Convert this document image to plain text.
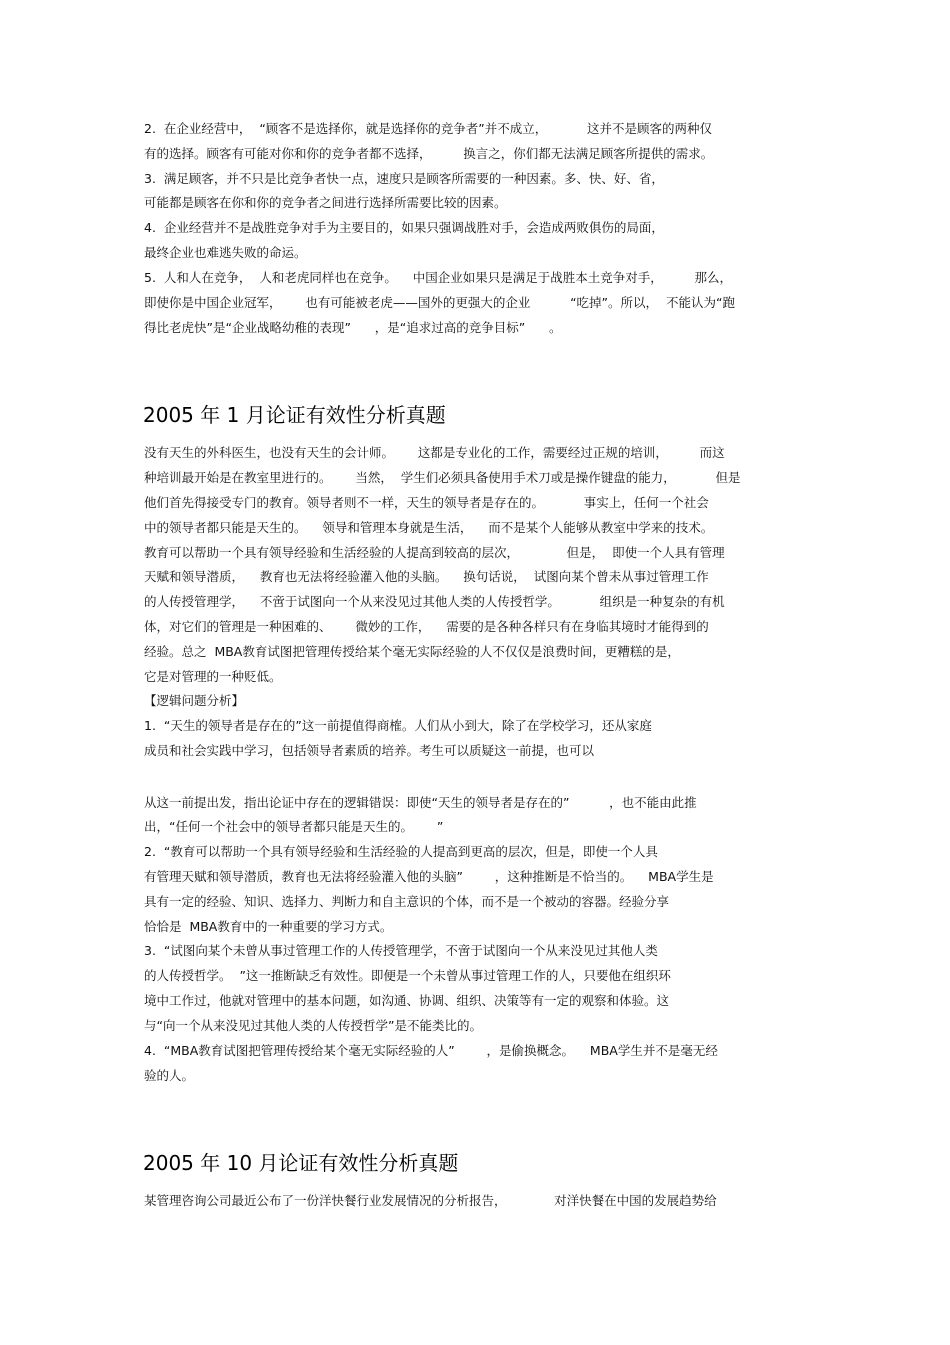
2.  在企业经营中，  “顾客不是选择你，就是选择你的竞争者”并不成立，          这并不是顾客的两种仅
有的选择。顾客有可能对你和你的竞争者都不选择，        换言之，你们都无法满足顾客所提供的需求。
3.  满足顾客，并不只是比竞争者快一点，速度只是顾客所需要的一种因素。多、快、好、省，
可能都是顾客在你和你的竞争者之间进行选择所需要比较的因素。
4.  企业经营并不是战胜竞争对手为主要目的，如果只强调战胜对手，会造成两败俱伤的局面，
最终企业也难逃失败的命运。
5.  人和人在竞争，  人和老虎同样也在竞争。    中国企业如果只是满足于战胜本土竞争对手，        那么，
即使你是中国企业冠军，      也有可能被老虎——国外的更强大的企业          “吃掉”。所以，  不能认为“跑
得比老虎快”是“企业战略幼稚的表现”      ，是“追求过高的竞争目标”      。
2005 年 1 月论证有效性分析真题
没有天生的外科医生，也没有天生的会计师。      这都是专业化的工作，需要经过正规的培训，        而这
种培训最开始是在教室里进行的。      当然，  学生们必须具备使用手术刀或是操作键盘的能力，          但是
他们首先得接受专门的教育。领导者则不一样，天生的领导者是存在的。          事实上，任何一个社会
中的领导者都只能是天生的。    领导和管理本身就是生活，    而不是某个人能够从教室中学来的技术。
教育可以帮助一个具有领导经验和生活经验的人提高到较高的层次，            但是，  即使一个人具有管理
天赋和领导潜质，    教育也无法将经验灌入他的头脑。    换句话说，  试图向某个曾未从事过管理工作
的人传授管理学，    不啻于试图向一个从来没见过其他人类的人传授哲学。          组织是一种复杂的有机
体，对它们的管理是一种困难的、      微妙的工作，    需要的是各种各样只有在身临其境时才能得到的
经验。总之  MBA教育试图把管理传授给某个毫无实际经验的人不仅仅是浪费时间，更糟糕的是，
它是对管理的一种贬低。
【逻辑问题分析】
1.  “天生的领导者是存在的”这一前提值得商榷。人们从小到大，除了在学校学习，还从家庭
成员和社会实践中学习，包括领导者素质的培养。考生可以质疑这一前提，也可以
从这一前提出发，指出论证中存在的逻辑错误：即使“天生的领导者是存在的”          ，也不能由此推
出，“任何一个社会中的领导者都只能是天生的。      ”
2.  “教育可以帮助一个具有领导经验和生活经验的人提高到更高的层次，但是，即使一个人具
有管理天赋和领导潜质，教育也无法将经验灌入他的头脑”        ，这种推断是不恰当的。    MBA学生是
具有一定的经验、知识、选择力、判断力和自主意识的个体，而不是一个被动的容器。经验分享
恰恰是  MBA教育中的一种重要的学习方式。
3.  “试图向某个未曾从事过管理工作的人传授管理学，不啻于试图向一个从来没见过其他人类
的人传授哲学。  ”这一推断缺乏有效性。即便是一个未曾从事过管理工作的人，只要他在组织环
境中工作过，他就对管理中的基本问题，如沟通、协调、组织、决策等有一定的观察和体验。这
与“向一个从来没见过其他人类的人传授哲学”是不能类比的。
4.  “MBA教育试图把管理传授给某个毫无实际经验的人”        ，是偷换概念。    MBA学生并不是毫无经
验的人。
2005 年 10 月论证有效性分析真题
某管理咨询公司最近公布了一份洋快餐行业发展情况的分析报告，            对洋快餐在中国的发展趋势给
